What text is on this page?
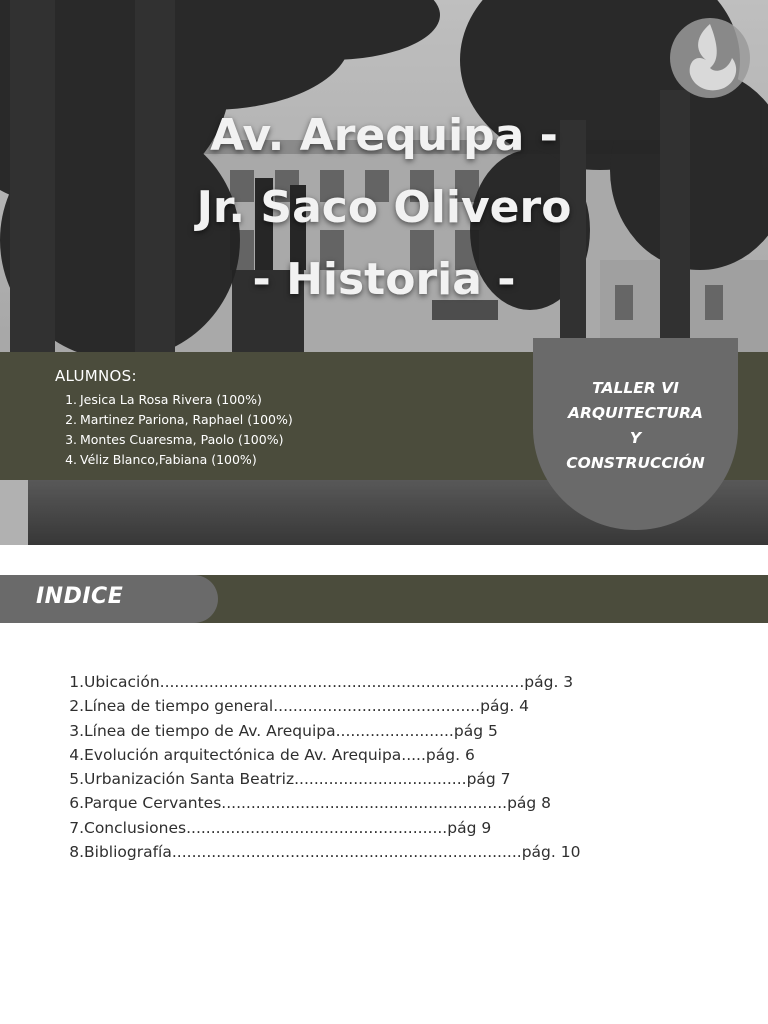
Av. Arequipa -
Jr. Saco Olivero
- Historia -
ALUMNOS:
1. Jesica La Rosa Rivera (100%)
2. Martinez Pariona, Raphael (100%)
3. Montes Cuaresma, Paolo (100%)
4. Véliz Blanco,Fabiana (100%)
TALLER VI
ARQUITECTURA
Y
CONSTRUCCIÓN
INDICE
1. Ubicación .......................................................................... pág. 3
2. Línea de tiempo general .......................................... pág. 4
3. Línea de tiempo de Av. Arequipa ........................ pág 5
4. Evolución arquitectónica de Av. Arequipa ..... pág. 6
5. Urbanización Santa Beatriz ................................... pág 7
6. Parque Cervantes .......................................................... pág 8
7. Conclusiones ..................................................... pág 9
8. Bibliografía ....................................................................... pág. 10
